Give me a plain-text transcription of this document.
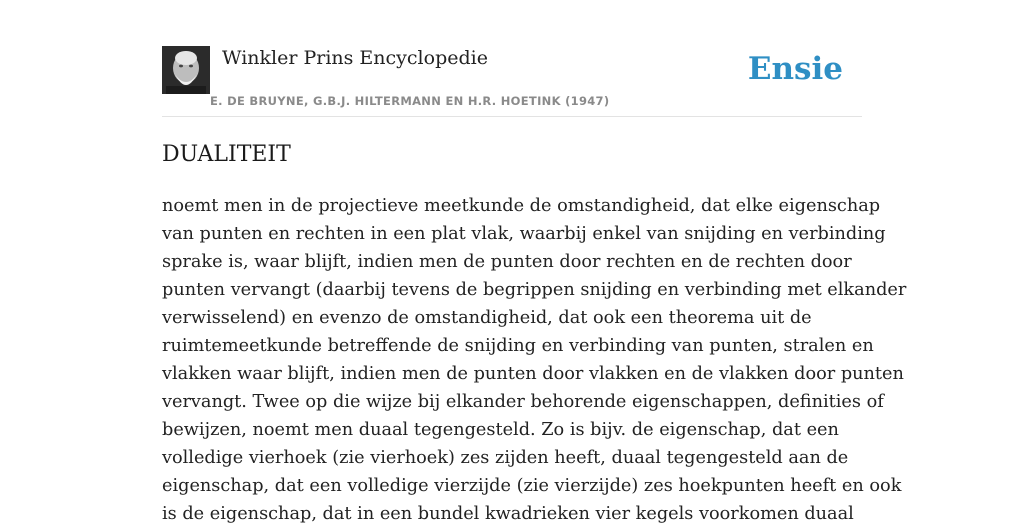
Winkler Prins Encyclopedie
E. DE BRUYNE, G.B.J. HILTERMANN EN H.R. HOETINK (1947)
Ensie
DUALITEIT

noemt men in de projectieve meetkunde de omstandigheid, dat elke eigenschap
van punten en rechten in een plat vlak, waarbij enkel van snijding en verbinding
sprake is, waar blijft, indien men de punten door rechten en de rechten door
punten vervangt (daarbij tevens de begrippen snijding en verbinding met elkander
verwisselend) en evenzo de omstandigheid, dat ook een theorema uit de
ruimtemeetkunde betreffende de snijding en verbinding van punten, stralen en
vlakken waar blijft, indien men de punten door vlakken en de vlakken door punten
vervangt. Twee op die wijze bij elkander behorende eigenschappen, definities of
bewijzen, noemt men duaal tegengesteld. Zo is bijv. de eigenschap, dat een
volledige vierhoek (zie vierhoek) zes zijden heeft, duaal tegengesteld aan de
eigenschap, dat een volledige vierzijde (zie vierzijde) zes hoekpunten heeft en ook
is de eigenschap, dat in een bundel kwadrieken vier kegels voorkomen duaal
